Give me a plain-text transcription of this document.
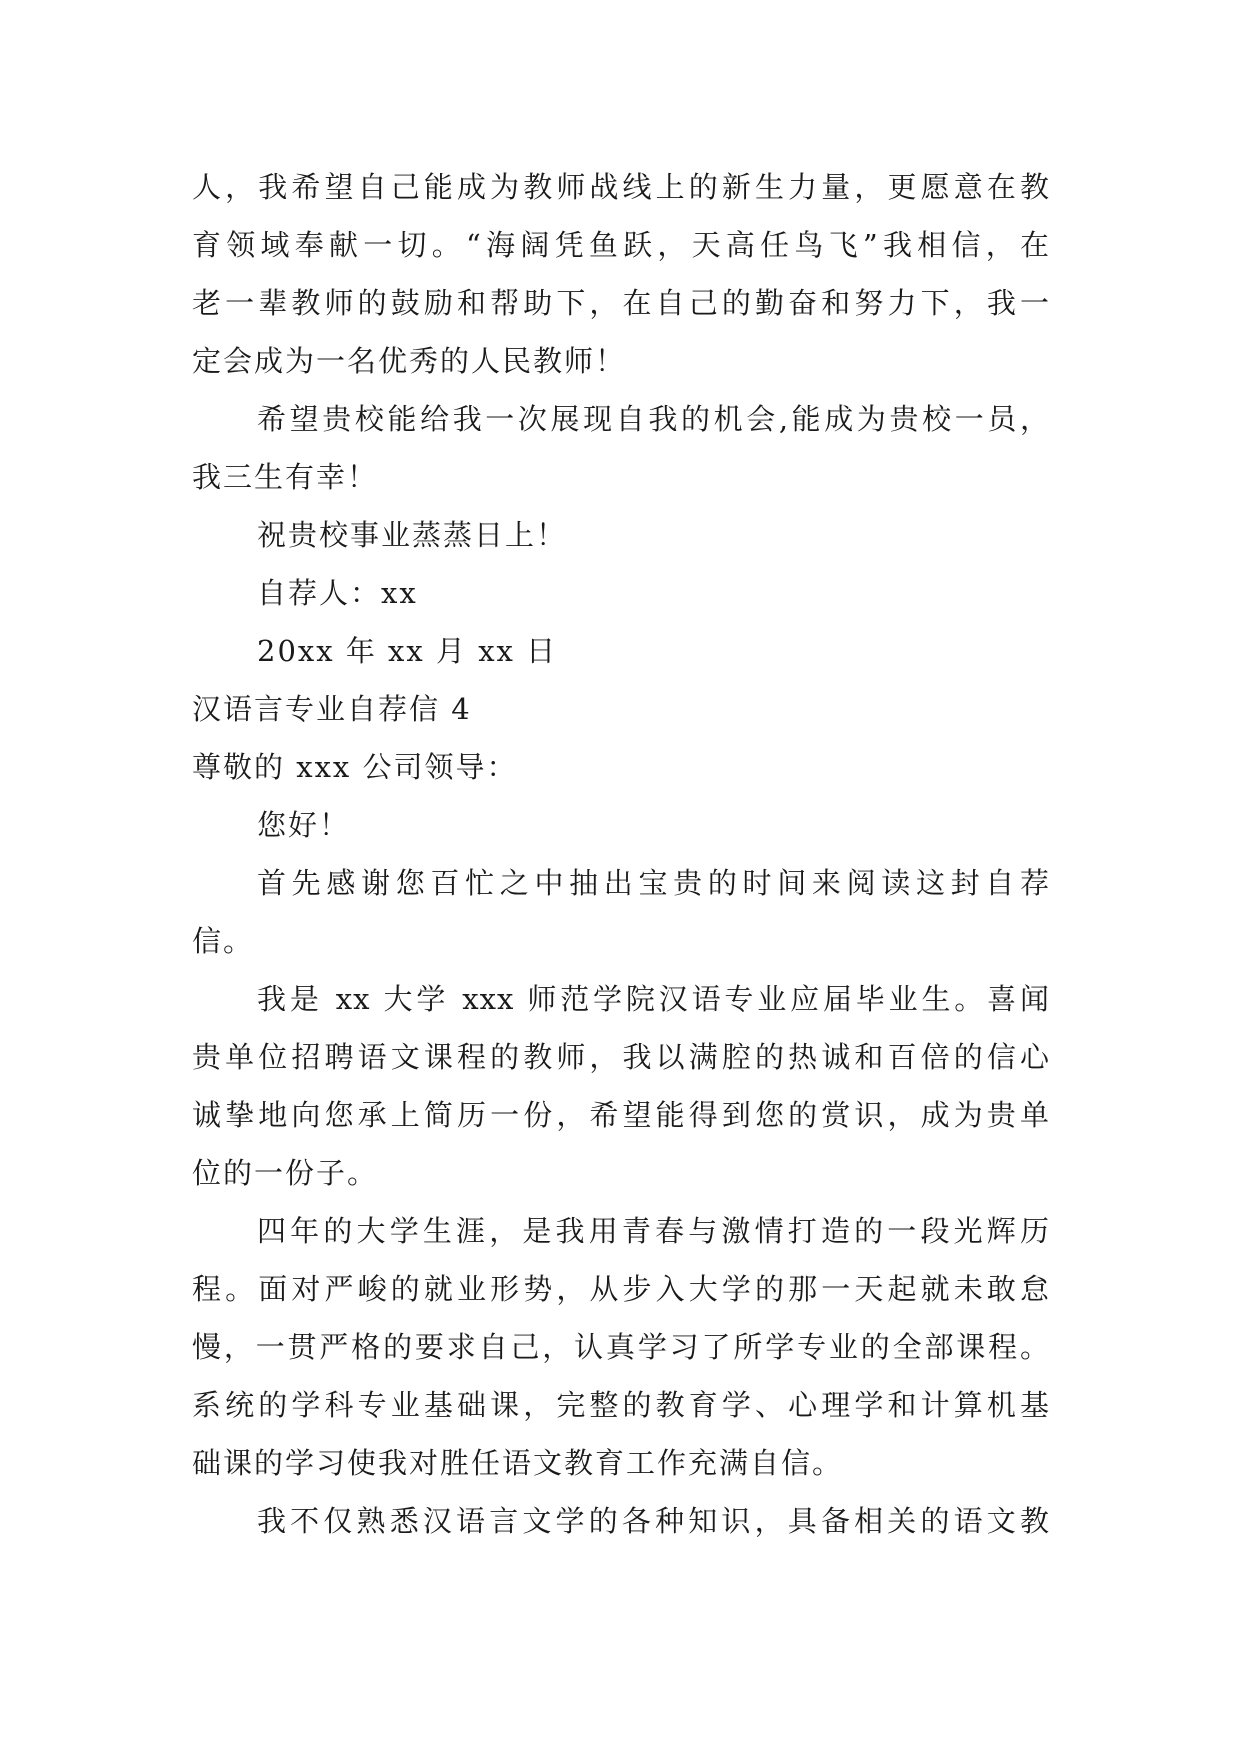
人，我希望自己能成为教师战线上的新生力量，更愿意在教
育领域奉献一切。“海阔凭鱼跃，天高任鸟飞”我相信，在
老一辈教师的鼓励和帮助下，在自己的勤奋和努力下，我一
定会成为一名优秀的人民教师！
希望贵校能给我一次展现自我的机会,能成为贵校一员，
我三生有幸！
祝贵校事业蒸蒸日上！
自荐人：xx
20xx 年 xx 月 xx 日
汉语言专业自荐信 4
尊敬的 xxx 公司领导：
您好！
首先感谢您百忙之中抽出宝贵的时间来阅读这封自荐
信。
我是 xx 大学 xxx 师范学院汉语专业应届毕业生。喜闻
贵单位招聘语文课程的教师，我以满腔的热诚和百倍的信心
诚挚地向您承上简历一份，希望能得到您的赏识，成为贵单
位的一份子。
四年的大学生涯，是我用青春与激情打造的一段光辉历
程。面对严峻的就业形势，从步入大学的那一天起就未敢怠
慢，一贯严格的要求自己，认真学习了所学专业的全部课程。
系统的学科专业基础课，完整的教育学、心理学和计算机基
础课的学习使我对胜任语文教育工作充满自信。
我不仅熟悉汉语言文学的各种知识，具备相关的语文教
